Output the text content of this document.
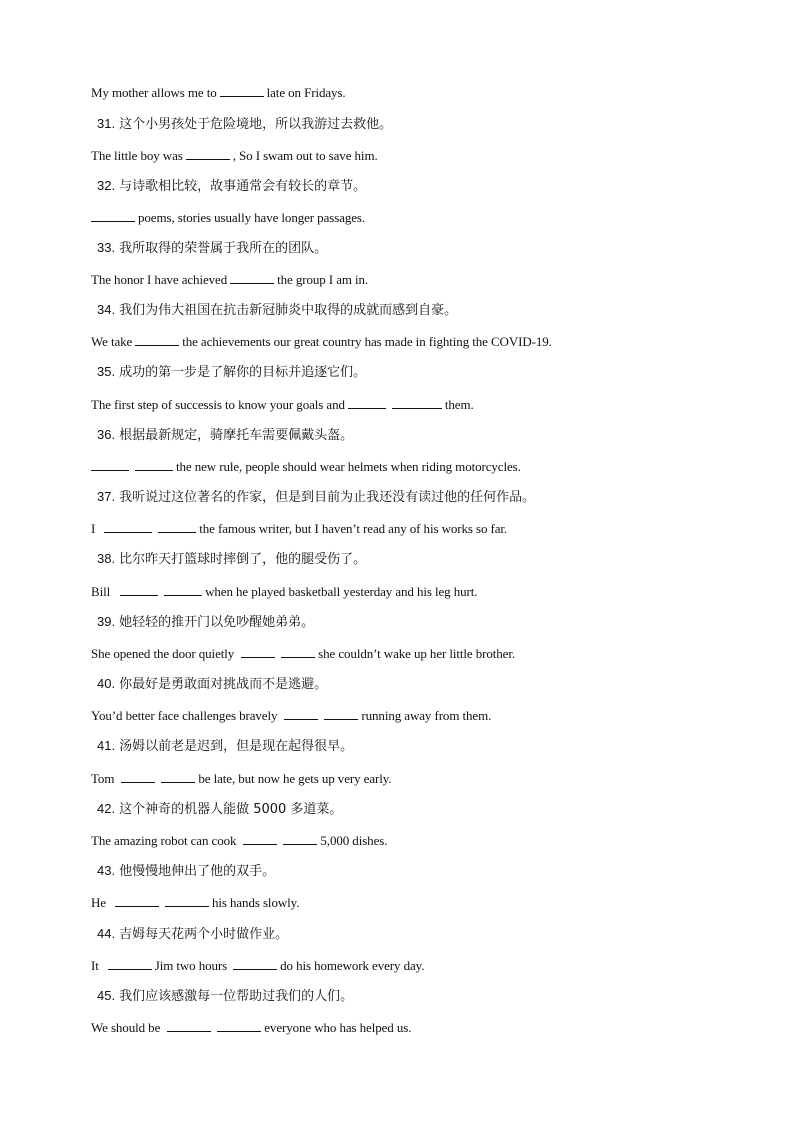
My mother allows me to	late on Fridays.
31. 这个小男孩处于危险境地，所以我游过去救他。
The little boy was	, So I swam out to save him.
32. 与诗歌相比较，故事通常会有较长的章节。
poems, stories usually have longer passages.
33. 我所取得的荣誉属于我所在的团队。
The honor I have achieved	the group I am in.
34. 我们为伟大祖国在抗击新冠肺炎中取得的成就而感到自豪。
We take	the achievements our great country has made in fighting the COVID-19.
35. 成功的第一步是了解你的目标并追逐它们。
The first step of successis to know your goals and	them.
36. 根据最新规定，骑摩托车需要佩戴头盔。
the new rule, people should wear helmets when riding motorcycles.
37. 我听说过这位著名的作家，但是到目前为止我还没有读过他的任何作品。
I	the famous writer, but I haven’t read any of his works so far.
38. 比尔昨天打篮球时摔倒了，他的腿受伤了。
Bill	when he played basketball yesterday and his leg hurt.
39. 她轻轻的推开门以免吵醒她弟弟。
She opened the door quietly	she couldn’t wake up her little brother.
40. 你最好是勇敢面对挑战而不是逃避。
You’d better face challenges bravely	running away from them.
41. 汤姆以前老是迟到，但是现在起得很早。
Tom	be late, but now he gets up very early.
42. 这个神奇的机器人能做 5000 多道菜。
The amazing robot can cook	5,000 dishes.
43. 他慢慢地伸出了他的双手。
He	his hands slowly.
44. 吉姆每天花两个小时做作业。
It	Jim two hours	do his homework every day.
45. 我们应该感激每一位帮助过我们的人们。
We should be	everyone who has helped us.
